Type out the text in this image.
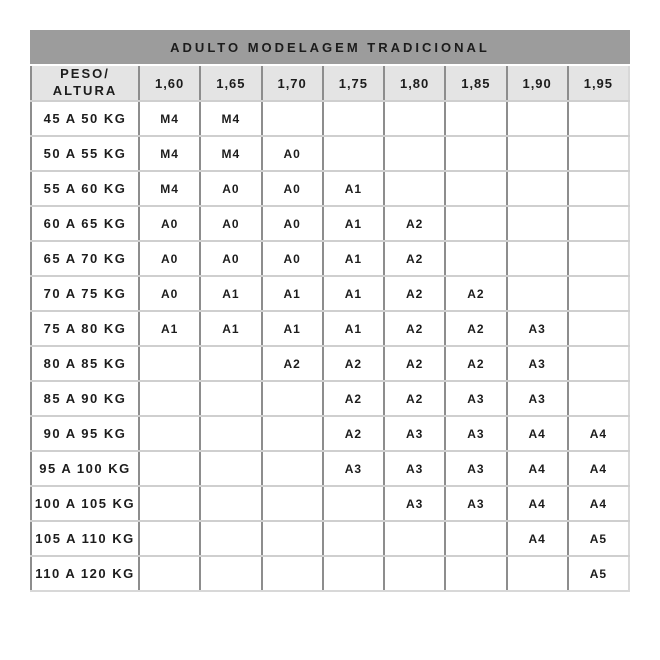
ADULTO MODELAGEM TRADICIONAL
PESO/
ALTURA	1,60	1,65	1,70	1,75	1,80	1,85	1,90	1,95
45 A 50 KG	M4	M4						
50 A 55 KG	M4	M4	A0					
55 A 60 KG	M4	A0	A0	A1				
60 A 65 KG	A0	A0	A0	A1	A2			
65 A 70 KG	A0	A0	A0	A1	A2			
70 A 75 KG	A0	A1	A1	A1	A2	A2		
75 A 80 KG	A1	A1	A1	A1	A2	A2	A3	
80 A 85 KG			A2	A2	A2	A2	A3	
85 A 90 KG				A2	A2	A3	A3	
90 A 95 KG				A2	A3	A3	A4	A4
95 A 100 KG				A3	A3	A3	A4	A4
100 A 105 KG					A3	A3	A4	A4
105 A 110 KG							A4	A5
110 A 120 KG								A5
